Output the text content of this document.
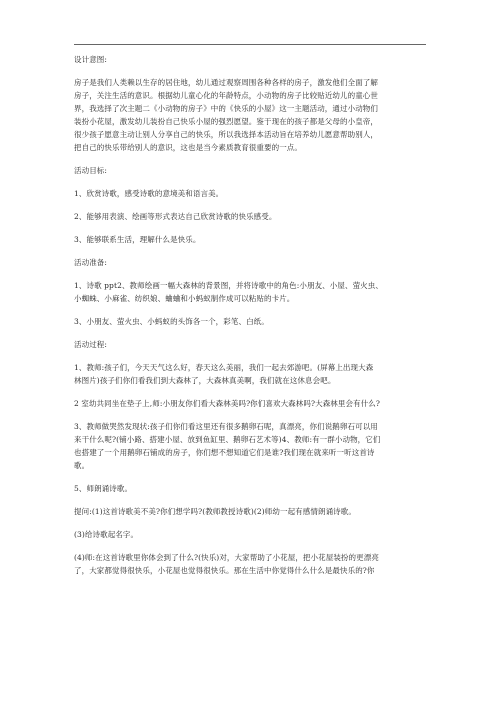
设计意图:
房子是我们人类赖以生存的居住地，幼儿通过观察周围各种各样的房子，激发他们全面了解
房子，关注生活的意识。根据幼儿童心化的年龄特点，小动物的房子比较贴近幼儿的童心世
界，我选择了次主题二《小动物的房子》中的《快乐的小屋》这一主题活动，通过小动物们
装扮小花屋，激发幼儿装扮自己快乐小屋的强烈愿望。鉴于现在的孩子都是父母的小皇帝，
很少孩子愿意主动让别人分享自己的快乐，所以我选择本活动旨在培养幼儿愿意帮助别人，
把自己的快乐带给别人的意识，这也是当今素质教育很重要的一点。
活动目标:
1、欣赏诗歌，感受诗歌的意境美和语言美。
2、能够用表演、绘画等形式表达自己欣赏诗歌的快乐感受。
3、能够联系生活，理解什么是快乐。
活动准备:
1、诗歌 ppt2、教师绘画一幅大森林的背景图，并将诗歌中的角色:小朋友、小屋、萤火虫、
小蜘蛛、小麻雀、纺织娘、蛐蛐和小蚂蚁制作成可以粘贴的卡片。
3、小朋友、萤火虫、小蚂蚁的头饰各一个，彩笔、白纸。
活动过程:
1、教师:孩子们，今天天气这么好，春天这么美丽，我们一起去郊游吧。(屏幕上出现大森
林图片)孩子们你们看我们到大森林了，大森林真美啊，我们就在这休息会吧。
2 室幼共同坐在垫子上,师:小朋友你们看大森林美吗?你们喜欢大森林吗?大森林里会有什么?
3、教师做哭然发现状:孩子们你们看这里还有很多鹅卵石呢，真漂亮，你们说鹅卵石可以用
来干什么呢?(铺小路、搭建小屋、放到鱼缸里、鹅卵石艺术等)4、教师:有一群小动物，它们
也搭建了一个用鹅卵石铺成的房子，你们想不想知道它们是谁?我们现在就来听一听这首诗
歌。
5、师朗诵诗歌。
提问:(1)这首诗歌美不美?你们想学吗?(教师教授诗歌)(2)师幼一起有感情朗诵诗歌。
(3)给诗歌起名字。
(4)师:在这首诗歌里你体会到了什么?(快乐)对，大家帮助了小花屋，把小花屋装扮的更漂亮
了，大家都觉得很快乐，小花屋也觉得很快乐。那在生活中你觉得什么什么是最快乐的?你
